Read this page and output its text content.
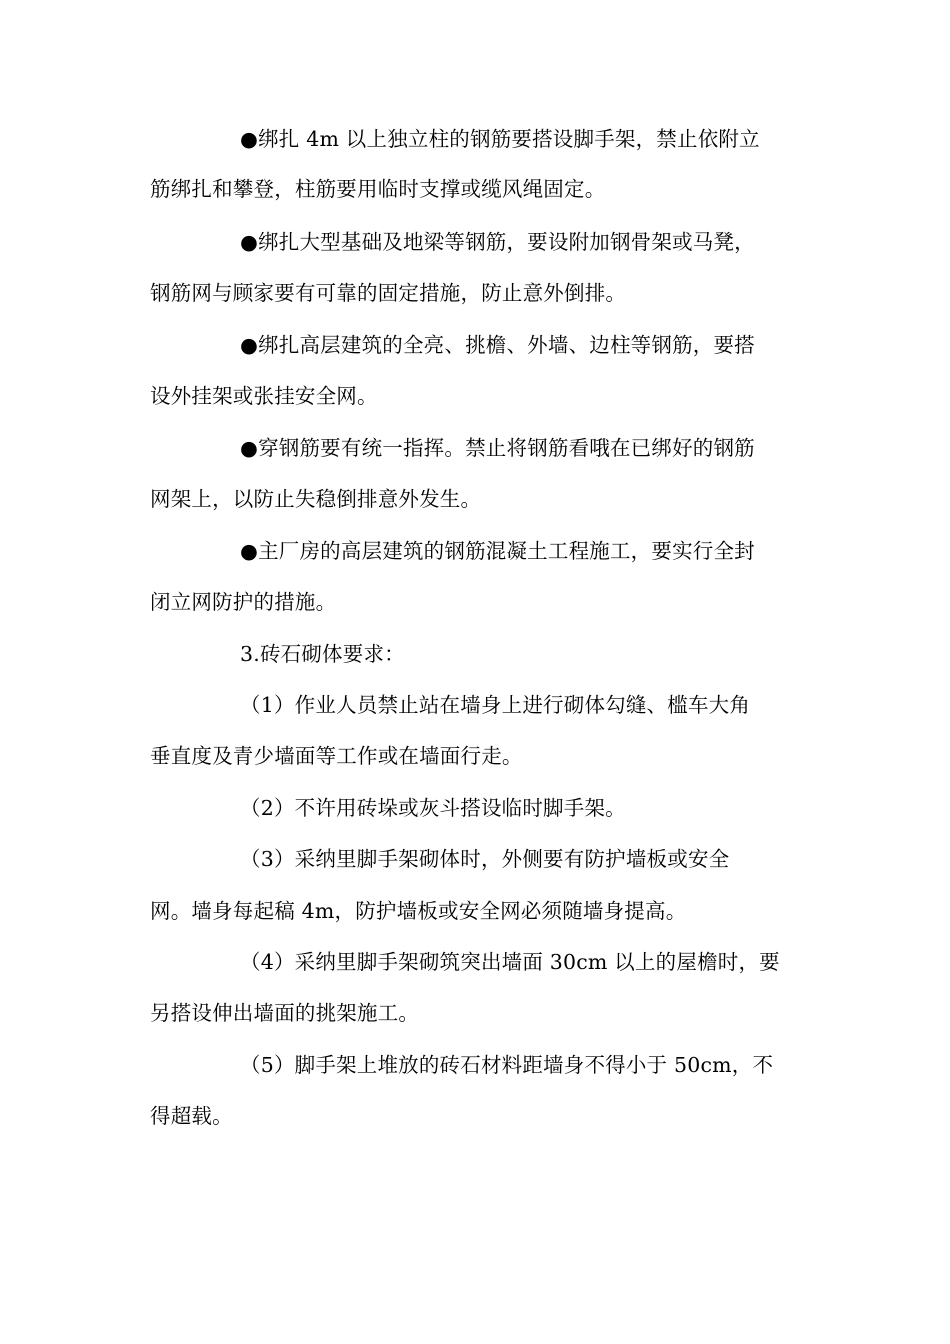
●绑扎 4m 以上独立柱的钢筋要搭设脚手架，禁止依附立
筋绑扎和攀登，柱筋要用临时支撑或缆风绳固定。
●绑扎大型基础及地梁等钢筋，要设附加钢骨架或马凳，
钢筋网与顾家要有可靠的固定措施，防止意外倒排。
●绑扎高层建筑的全亮、挑檐、外墙、边柱等钢筋，要搭
设外挂架或张挂安全网。
●穿钢筋要有统一指挥。禁止将钢筋看哦在已绑好的钢筋
网架上，以防止失稳倒排意外发生。
●主厂房的高层建筑的钢筋混凝土工程施工，要实行全封
闭立网防护的措施。
3.砖石砌体要求：
（1）作业人员禁止站在墙身上进行砌体勾缝、槛车大角
垂直度及青少墙面等工作或在墙面行走。
（2）不许用砖垛或灰斗搭设临时脚手架。
（3）采纳里脚手架砌体时，外侧要有防护墙板或安全
网。墙身每起稿 4m，防护墙板或安全网必须随墙身提高。
（4）采纳里脚手架砌筑突出墙面 30cm 以上的屋檐时，要
另搭设伸出墙面的挑架施工。
（5）脚手架上堆放的砖石材料距墙身不得小于 50cm，不
得超载。
